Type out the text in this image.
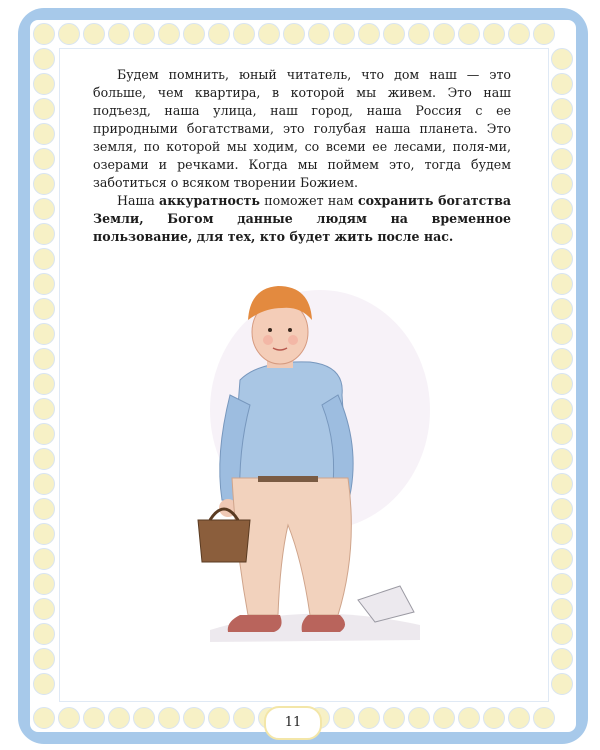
Будем помнить, юный читатель, что дом наш — это больше, чем квартира, в которой мы живем. Это наш подъезд, наша улица, наш город, наша Россия с ее природными богатствами, это голубая наша планета. Это земля, по которой мы ходим, со всеми ее лесами, поля-ми, озерами и речками. Когда мы поймем это, тогда будем заботиться о всяком творении Божием.

Наша аккуратность поможет нам сохранить богатства Земли, Богом данные людям на временное пользование, для тех, кто будет жить после нас.

11
